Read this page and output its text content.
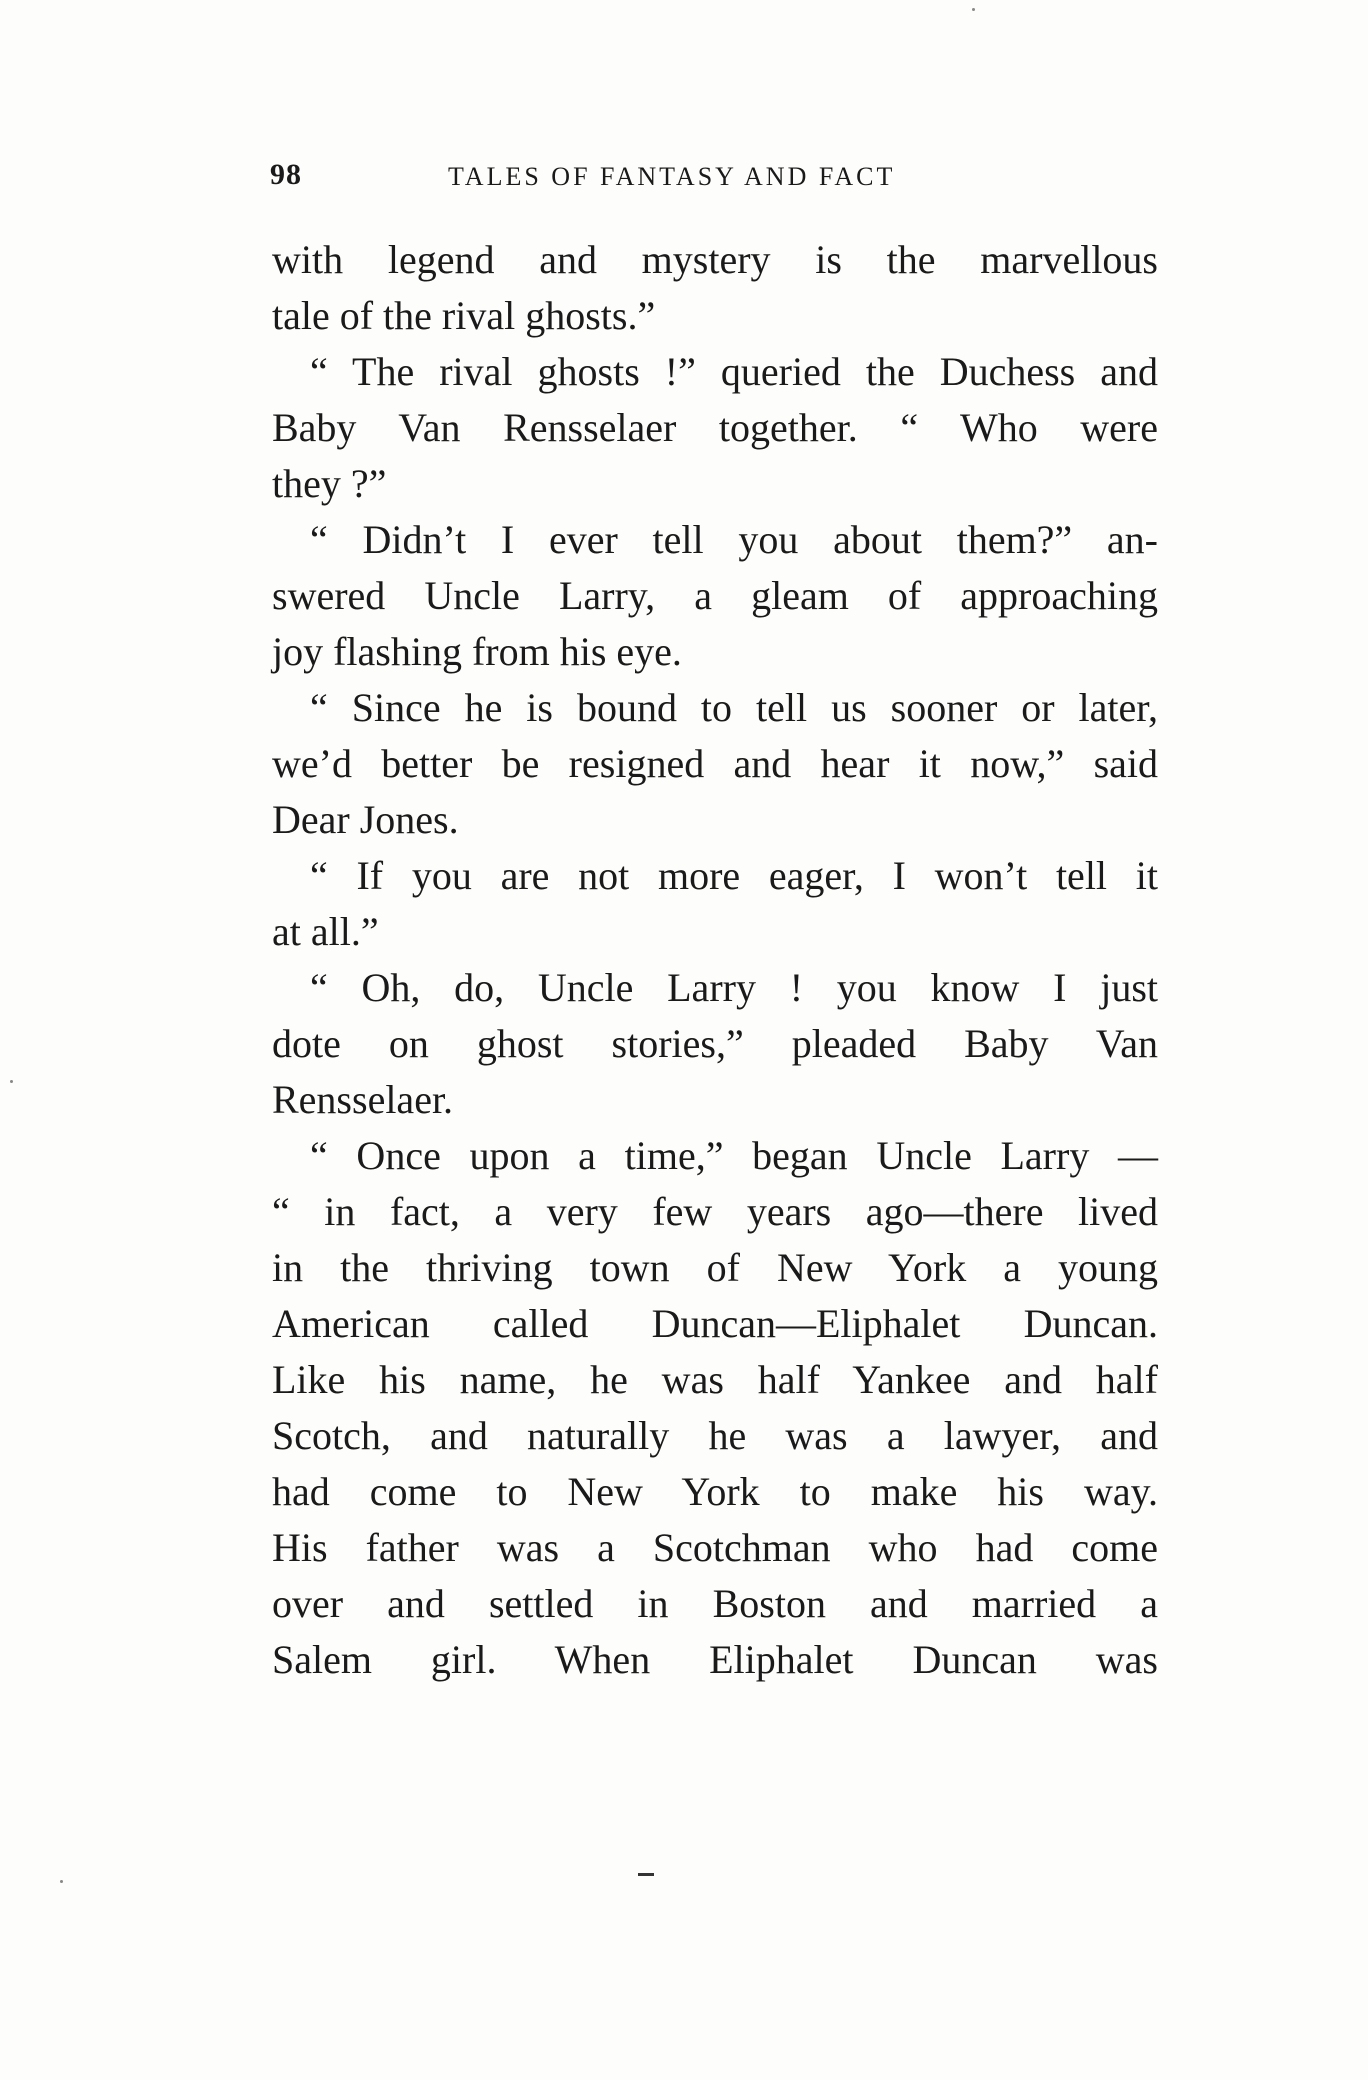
98	TALES OF FANTASY AND FACT
with legend and mystery is the marvellous
tale of the rival ghosts.”
“ The rival ghosts !” queried the Duchess and
Baby Van Rensselaer together. “ Who were
they ?”
“ Didn’t I ever tell you about them?” an-
swered Uncle Larry, a gleam of approaching
joy flashing from his eye.
“ Since he is bound to tell us sooner or later,
we’d better be resigned and hear it now,” said
Dear Jones.
“ If you are not more eager, I won’t tell it
at all.”
“ Oh, do, Uncle Larry ! you know I just
dote on ghost stories,” pleaded Baby Van
Rensselaer.
“ Once upon a time,” began Uncle Larry —
“ in fact, a very few years ago—there lived
in the thriving town of New York a young
American called Duncan—Eliphalet Duncan.
Like his name, he was half Yankee and half
Scotch, and naturally he was a lawyer, and
had come to New York to make his way.
His father was a Scotchman who had come
over and settled in Boston and married a
Salem girl. When Eliphalet Duncan was
